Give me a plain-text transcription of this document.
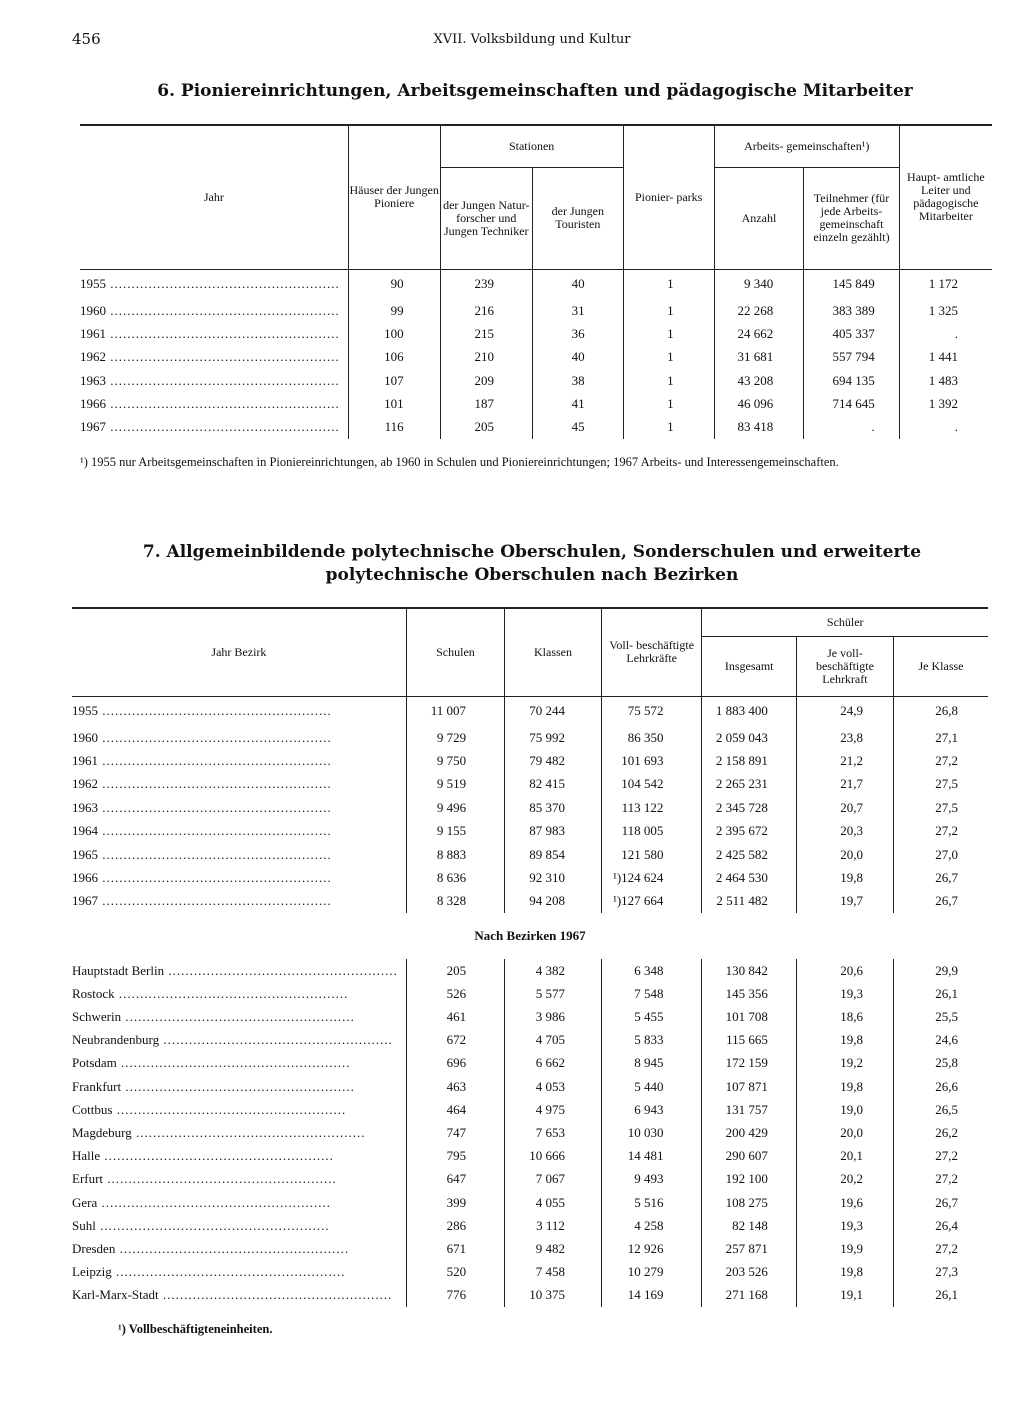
456	XVII. Volksbildung und Kultur
6. Pioniereinrichtungen, Arbeitsgemeinschaften und pädagogische Mitarbeiter
Jahr	Häuser der Jungen Pioniere	Stationen		Pionier- parks	Arbeits- gemeinschaften¹)		Haupt- amtliche Leiter und pädagogische Mitarbeiter
		der Jungen Natur- forscher und Jungen Techniker	der Jungen Touristen		Anzahl	Teilnehmer (für jede Arbeits- gemeinschaft einzeln gezählt)	
1955 .....	90	239	40	1	9 340	145 849	1 172
1960 .....	99	216	31	1	22 268	383 389	1 325
1961 .....	100	215	36	1	24 662	405 337	.
1962 .....	106	210	40	1	31 681	557 794	1 441
1963 .....	107	209	38	1	43 208	694 135	1 483
1966 .....	101	187	41	1	46 096	714 645	1 392
1967 .....	116	205	45	1	83 418	.	.
¹) 1955 nur Arbeitsgemeinschaften in Pioniereinrichtungen, ab 1960 in Schulen und Pioniereinrichtungen; 1967 Arbeits- und Interessengemeinschaften.
7. Allgemeinbildende polytechnische Oberschulen, Sonderschulen und erweiterte
polytechnische Oberschulen nach Bezirken
Jahr Bezirk	Schulen	Klassen	Voll- beschäftigte Lehrkräfte	Schüler		
				Insgesamt	Je voll- beschäftigte Lehrkraft	Je Klasse
1955 .....	11 007	70 244	75 572	1 883 400	24,9	26,8
1960 .....	9 729	75 992	86 350	2 059 043	23,8	27,1
1961 .....	9 750	79 482	101 693	2 158 891	21,2	27,2
1962 .....	9 519	82 415	104 542	2 265 231	21,7	27,5
1963 .....	9 496	85 370	113 122	2 345 728	20,7	27,5
1964 .....	9 155	87 983	118 005	2 395 672	20,3	27,2
1965 .....	8 883	89 854	121 580	2 425 582	20,0	27,0
1966 .....	8 636	92 310	¹)124 624	2 464 530	19,8	26,7
1967 .....	8 328	94 208	¹)127 664	2 511 482	19,7	26,7
Nach Bezirken 1967						
Hauptstadt Berlin .....	205	4 382	6 348	130 842	20,6	29,9
Rostock .....	526	5 577	7 548	145 356	19,3	26,1
Schwerin .....	461	3 986	5 455	101 708	18,6	25,5
Neubrandenburg .....	672	4 705	5 833	115 665	19,8	24,6
Potsdam .....	696	6 662	8 945	172 159	19,2	25,8
Frankfurt .....	463	4 053	5 440	107 871	19,8	26,6
Cottbus .....	464	4 975	6 943	131 757	19,0	26,5
Magdeburg .....	747	7 653	10 030	200 429	20,0	26,2
Halle .....	795	10 666	14 481	290 607	20,1	27,2
Erfurt .....	647	7 067	9 493	192 100	20,2	27,2
Gera .....	399	4 055	5 516	108 275	19,6	26,7
Suhl .....	286	3 112	4 258	82 148	19,3	26,4
Dresden .....	671	9 482	12 926	257 871	19,9	27,2
Leipzig .....	520	7 458	10 279	203 526	19,8	27,3
Karl-Marx-Stadt .....	776	10 375	14 169	271 168	19,1	26,1
¹) Vollbeschäftigteneinheiten.
